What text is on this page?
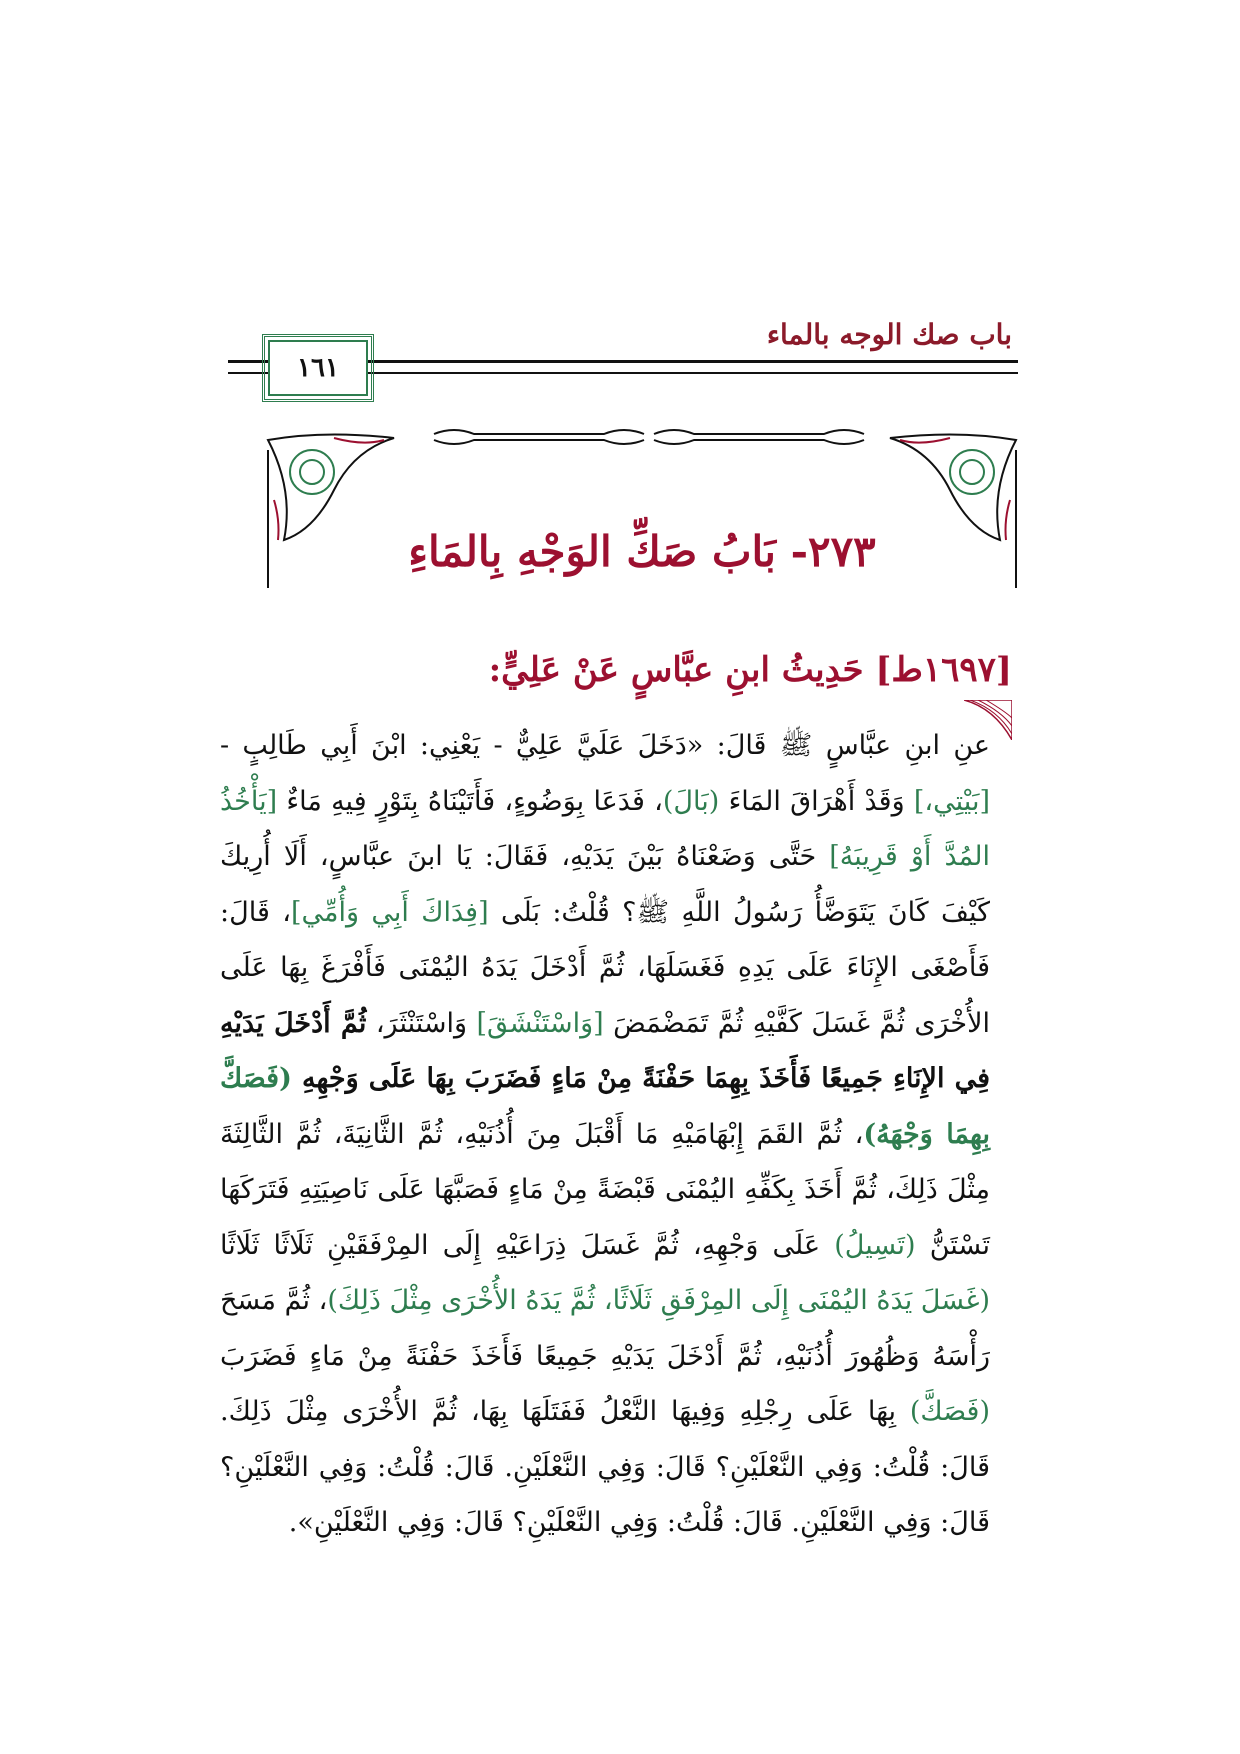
باب صك الوجه بالماء
١٦١
٢٧٣- بَابُ صَكِّ الوَجْهِ بِالمَاءِ
[١٦٩٧ط] حَدِيثُ ابنِ عبَّاسٍ عَنْ عَلِيٍّ:
عنِ ابنِ عبَّاسٍ ﷺ قَالَ: «دَخَلَ عَلَيَّ عَلِيٌّ - يَعْنِي: ابْنَ أَبِي طَالِبٍ - [بَيْتِي،] وَقَدْ أَهْرَاقَ المَاءَ (بَالَ)، فَدَعَا بِوَضُوءٍ، فَأَتَيْنَاهُ بِتَوْرٍ فِيهِ مَاءٌ [يَأْخُذُ المُدَّ أَوْ قَرِيبَهُ] حَتَّى وَضَعْنَاهُ بَيْنَ يَدَيْهِ، فَقَالَ: يَا ابنَ عبَّاسٍ، أَلَا أُرِيكَ كَيْفَ كَانَ يَتَوَضَّأُ رَسُولُ اللَّهِ ﷺ؟ قُلْتُ: بَلَى [فِدَاكَ أَبِي وَأُمِّي]، قَالَ: فَأَصْغَى الإِنَاءَ عَلَى يَدِهِ فَغَسَلَهَا، ثُمَّ أَدْخَلَ يَدَهُ اليُمْنَى فَأَفْرَغَ بِهَا عَلَى الأُخْرَى ثُمَّ غَسَلَ كَفَّيْهِ ثُمَّ تَمَضْمَضَ [وَاسْتَنْشَقَ] وَاسْتَنْثَرَ، ثُمَّ أَدْخَلَ يَدَيْهِ فِي الإِنَاءِ جَمِيعًا فَأَخَذَ بِهِمَا حَفْنَةً مِنْ مَاءٍ فَضَرَبَ بِهَا عَلَى وَجْهِهِ (فَصَكَّ بِهِمَا وَجْهَهُ)، ثُمَّ القَمَ إِبْهَامَيْهِ مَا أَقْبَلَ مِنَ أُذُنَيْهِ، ثُمَّ الثَّانِيَةَ، ثُمَّ الثَّالِثَةَ مِثْلَ ذَلِكَ، ثُمَّ أَخَذَ بِكَفِّهِ اليُمْنَى قَبْضَةً مِنْ مَاءٍ فَصَبَّهَا عَلَى نَاصِيَتِهِ فَتَرَكَهَا تَسْتَنُّ (تَسِيلُ) عَلَى وَجْهِهِ، ثُمَّ غَسَلَ ذِرَاعَيْهِ إِلَى المِرْفَقَيْنِ ثَلَاثًا ثَلَاثًا (غَسَلَ يَدَهُ اليُمْنَى إِلَى المِرْفَقِ ثَلَاثًا، ثُمَّ يَدَهُ الأُخْرَى مِثْلَ ذَلِكَ)، ثُمَّ مَسَحَ رَأْسَهُ وَظُهُورَ أُذُنَيْهِ، ثُمَّ أَدْخَلَ يَدَيْهِ جَمِيعًا فَأَخَذَ حَفْنَةً مِنْ مَاءٍ فَضَرَبَ (فَصَكَّ) بِهَا عَلَى رِجْلِهِ وَفِيهَا النَّعْلُ فَفَتَلَهَا بِهَا، ثُمَّ الأُخْرَى مِثْلَ ذَلِكَ. قَالَ: قُلْتُ: وَفِي النَّعْلَيْنِ؟ قَالَ: وَفِي النَّعْلَيْنِ. قَالَ: قُلْتُ: وَفِي النَّعْلَيْنِ؟ قَالَ: وَفِي النَّعْلَيْنِ. قَالَ: قُلْتُ: وَفِي النَّعْلَيْنِ؟ قَالَ: وَفِي النَّعْلَيْنِ».
